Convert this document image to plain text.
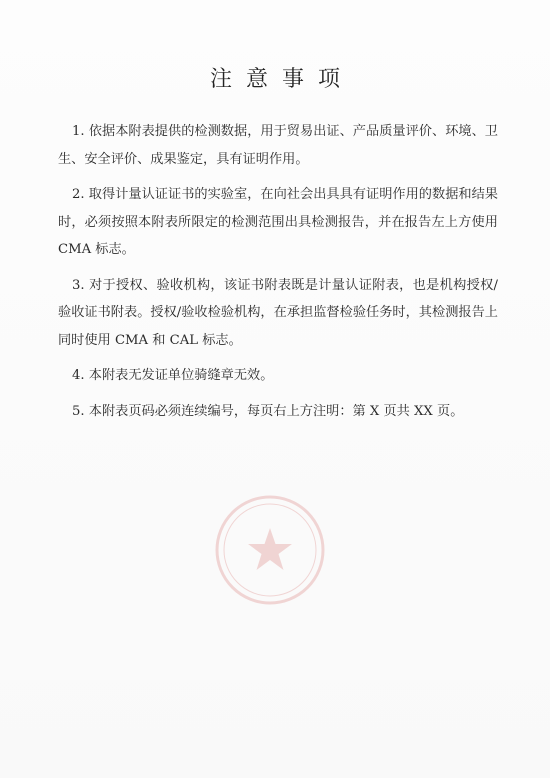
注意事项

1. 依据本附表提供的检测数据，用于贸易出证、产品质量评价、环境、卫生、安全评价、成果鉴定，具有证明作用。

2. 取得计量认证证书的实验室，在向社会出具具有证明作用的数据和结果时，必须按照本附表所限定的检测范围出具检测报告，并在报告左上方使用 CMA 标志。

3. 对于授权、验收机构，该证书附表既是计量认证附表，也是机构授权/验收证书附表。授权/验收检验机构，在承担监督检验任务时，其检测报告上同时使用 CMA 和 CAL 标志。

4. 本附表无发证单位骑缝章无效。

5. 本附表页码必须连续编号，每页右上方注明：第 X 页共 XX 页。
